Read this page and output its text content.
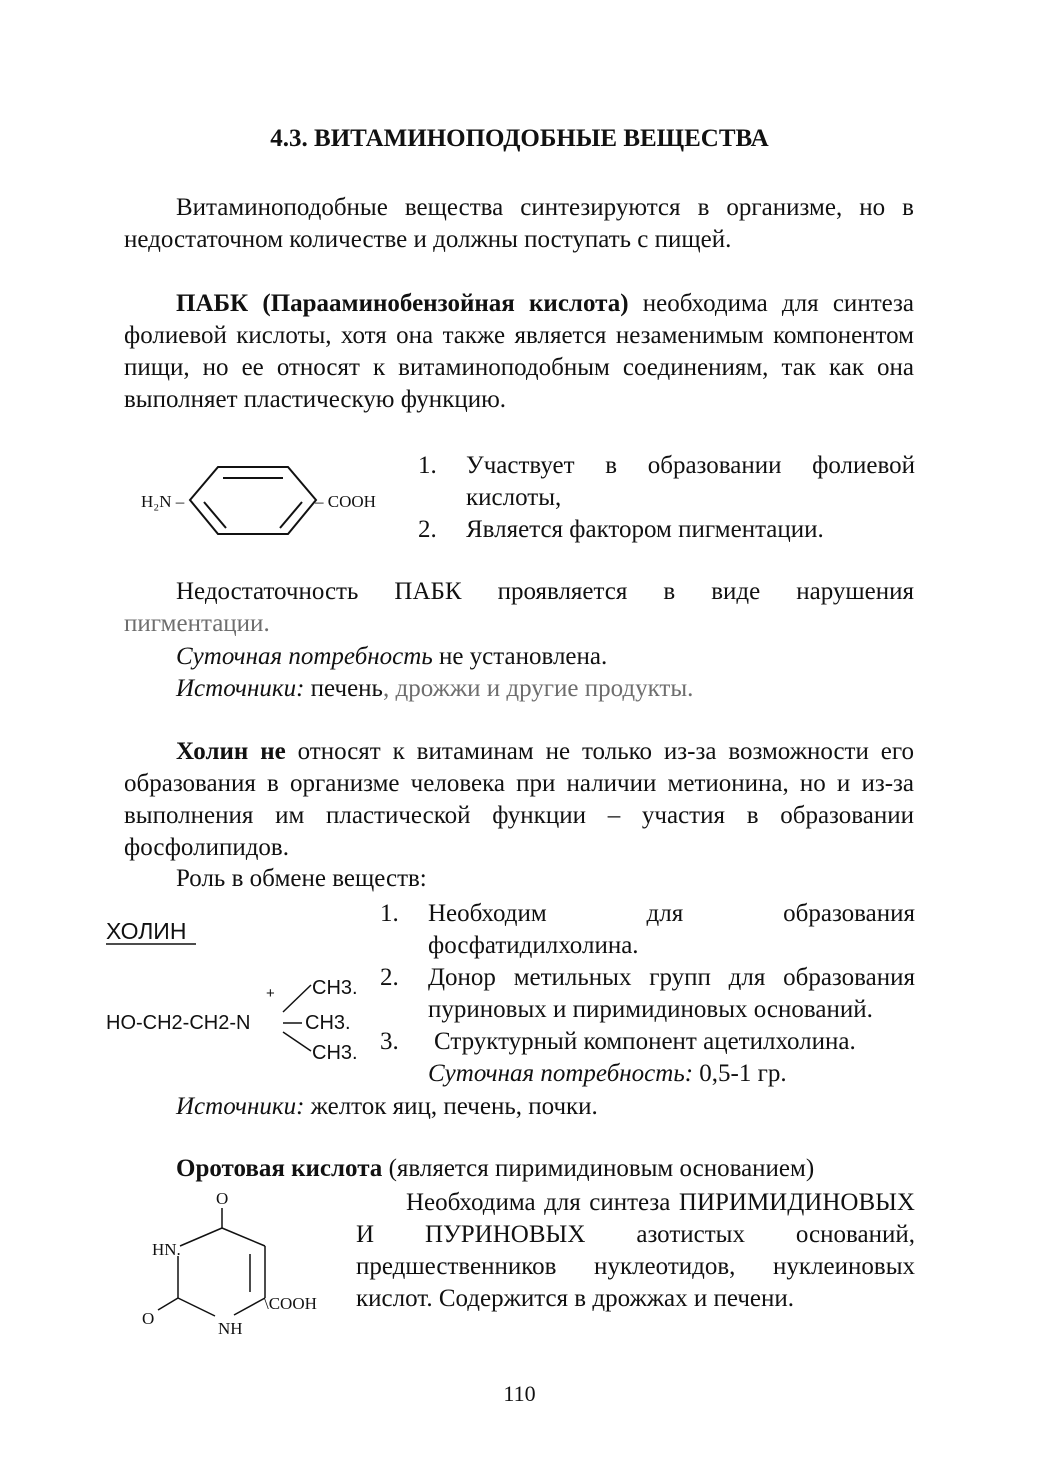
4.3. ВИТАМИНОПОДОБНЫЕ ВЕЩЕСТВА
Витаминоподобные вещества синтезируются в организме, но в недостаточном количестве и должны поступать с пищей.
ПАБК (Парааминобензойная кислота) необходима для синтеза фолиевой кислоты, хотя она также является незаменимым компонентом пищи, но ее относят к витаминоподобным соединениям, так как она выполняет пластическую функцию.
H₂N –	– COOH
1.	Участвует в образовании фолиевой кислоты,
2.	Является фактором пигментации.
Недостаточность ПАБК проявляется в виде нарушения пигментации.
Суточная потребность не установлена.
Источники: печень, дрожжи и другие продукты.
Холин не относят к витаминам не только из-за возможности его образования в организме человека при наличии метионина, но и из-за выполнения им пластической функции – участия в образовании фосфолипидов.
Роль в обмене веществ:
ХОЛИН
HO-CH2-CH2-N
+ CH3.
CH3.
CH3.
1.	Необходим для образования фосфатидилхолина.
2.	Донор метильных групп для образования пуриновых и пиримидиновых оснований.
3.	Структурный компонент ацетилхолина.
Суточная потребность: 0,5-1 гр.
Источники: желток яиц, печень, почки.
Оротовая кислота (является пиримидиновым основанием)
O
HN.
O
NH
\COOH
Необходима для синтеза ПИРИМИДИНОВЫХ И ПУРИНОВЫХ азотистых оснований, предшественников нуклеотидов, нуклеиновых кислот. Содержится в дрожжах и печени.
110
